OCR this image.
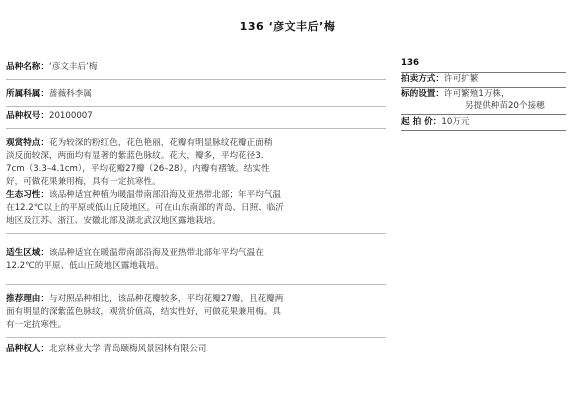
136 ‘彦文丰后’梅
品种名称：‘彦文丰后’梅
所属科属：蔷薇科李属
品种权号：20100007
观赏特点：花为较深的粉红色，花色艳丽，花瓣有明显脉纹花瓣正面稍
淡反面较深，两面均有显著的紫蓝色脉纹。花大，瓣多，平均花径3.
7cm（3.3–4.1cm），平均花瓣27瓣（26–28），内瓣有褶皱。结实性
好，可做花果兼用梅，具有一定抗寒性。
生态习性：该品种适宜种植为暖温带南部沿海及亚热带北部；年平均气温
在12.2℃以上的平原或低山丘陵地区。可在山东南部的青岛、日照、临沂
地区及江苏、浙江、安徽北部及湖北武汉地区露地栽培。
适生区域：该品种适宜在暖温带南部沿海及亚热带北部年平均气温在
12.2℃的平原、低山丘陵地区露地栽培。
推荐理由：与对照品种相比，该品种花瓣较多，平均花瓣27瓣，且花瓣两
面有明显的深紫蓝色脉纹，观赏价值高，结实性好，可做花果兼用梅。具
有一定抗寒性。
品种权人：北京林业大学 青岛颐梅风景园林有限公司
136
拍卖方式：许可扩繁
标的设置：许可繁殖1万株，
另提供种苗20个接穗
起 拍 价：10万元
